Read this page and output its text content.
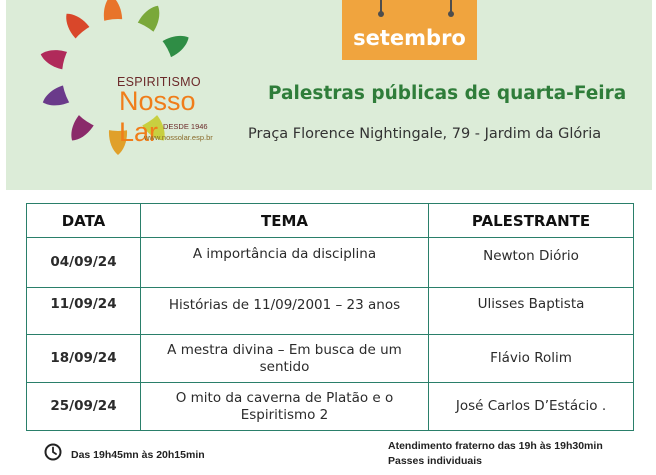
ESPIRITISMO
Nosso Lar DESDE 1946
www.nossolar.esp.br
setembro
Palestras públicas de quarta-Feira
Praça Florence Nightingale, 79 - Jardim da Glória
DATA	TEMA	PALESTRANTE
04/09/24	A importância da disciplina	Newton Diório
11/09/24	Histórias de 11/09/2001 – 23 anos	Ulisses Baptista
18/09/24	A mestra divina – Em busca de um sentido	Flávio Rolim
25/09/24	O mito da caverna de Platão e o Espiritismo 2	José Carlos D’Estácio .
Das 19h45mn às 20h15min
Atendimento fraterno das 19h às 19h30min
Passes individuais
